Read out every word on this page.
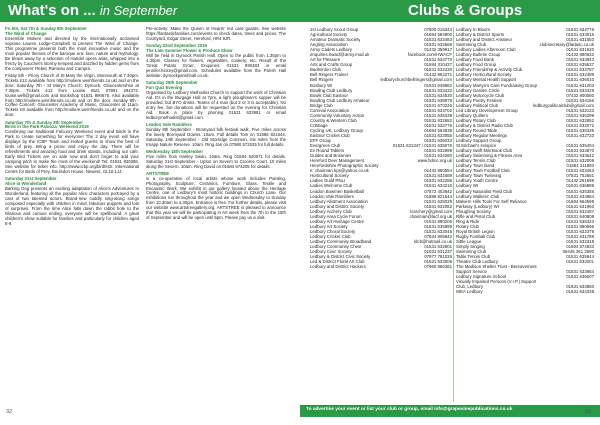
What's on ... in September	Clubs & Groups

Fri 6th, Sat 7th & Sunday 8th September
The Wind of Change
Ensemble Moliere and directed by the internationally acclaimed soprano Lauren Lodge-Campbell to present The Wind of Change. This programme presents both the most innovative music and the most popular themes of the baroque era: love, nature and mythology. Be blown away by a selection of Handel opera arias, whipped into a frenzy by Couchet's stormy tempest and dazzled by hidden gems from the composers' Rebel, Rameau and Campra.

Friday 6th - Priory Church of St Mary the Virgin, Monmouth at 7.30pm. Tickets £12 available from http://moliere.wemfriends.co.uk/ and on the door. Saturday 7th - St Mary's Church, Dymock, Gloucestershire at 7.30pm. Tickets £12 from Louise Butt, 07891 294372, louise.weft@gmail.com and Bookshop 01531 890676. Also available from http://moliere.wemfriends.co.uk/ and on the door. Sunday 8th - Coffee Concert: Gloucester Academy of Music, Gloucester at 11am. Tickets £8 available from http://moliere.wemfriends.co.uk/ and on the door.

Saturday 7th & Sunday 8th September
Birds in the Park Palooza: Weekend 2019
Combining our traditional Falconry Weekend event and Birds in the Park to create something for everyone! The 2 day event will have displays by the ICBP Team and invited guests to show the best of birds of prey. Bring a picnic and enjoy the day. There will be refreshments and amazing food and drink stands, including our cafe. Early Bird Tickets are on sale now and don't forget to add your camping pitch to make the most of the weekend! Tel: 01531 820286. See website for ticket info. http://www.icbp.org/birdfest/. International Centre for Birds of Prey, Boulsdon House, Newent, GL18 1JJ.

Saturday 21st September
Alice in Wonderland
Barking Dog presents an exciting adaptation of Alice's Adventures In Wonderland, featuring all the popular Alice characters portrayed by a cast of two talented actors. Brand-new cuddly sing-along songs composed especially with children in mind, fabulous puppets and lots of surprises. From the time Alice falls down the rabbit hole to the hilarious and curious ending, everyone will be spellbound. A great children's show suitable for families and particularly for children aged 5-9.

Pre-activity: Make the Queen of Hearts' red card guards. See website https://fantasticfamilies.com/events to check dates, times and prices. The Courtyard, Edgar Street, Hereford, HR4 9JR.

Sunday 22nd September 2019
The Late Summer Flower & Produce Show
Will be held in Dymock Parish Hall. Open to the public from 1.30pm to 4.30pm. Classes for flowers, vegetables, cookery, etc. Result of the 'Great Potato Grow'. Enquiries: 01531 890483 or email jennifer.hickey@gmail.com. Schedules available from the Parish Hall website: dymockparishhall.co.uk.

Saturday 28th September
Fun Quiz Evening
Organised by Ledbury Methodist Church to support the work of Christian Aid. It's in the Burgage Hall at 7pm, a light ploughman's supper will be provided, but BYO drinks. Teams of 4 max (but 2 or 3 is acceptable). No entry fee, but donations will be requested on the evening for Christian Aid. Book a place by phoning 01531 633981 or email ledburymethodist@gmail.com.

Leadon Vale Ramblers
Sunday 8th September - Bromyard folk festival walk. Five miles across the lovely Bromyard Downs. 10am. Full details Tom on 01886 821544. Saturday 14th September - Old Storridge Common. Six miles from the Knapp Nature Reserve. 10am. Ring Jan on 07980 572535 for full details.

Wednesday 18th September
Five miles from Hanley Swan. 10am. Ring 01684 540071 for details. Saturday 21st September - Upton on Severn to Croome Court. 10 miles along the Severn. 10am. Ring David on 01684 574205 for details.

ARTSTREE
is a co-operative of local artists whose work includes Painting, Photography, Sculpture, Ceramics, Furniture, Glass, Textile and Encaustic Work. We exhibit in our gallery located above the Heritage Centre, one of Ledbury's most historic buildings in Church Lane. Our exhibitions run throughout the year and we open Wednesday to Sunday from 10.30am to 4.30pm. Entrance is free. For further details, please visit our website www.artstreegallery.org. ARTSTREE is pleased to announce that this year we will be participating in Art week from the 7th to the 15th of September and will be open until 5pm. Please pay us a visit.

1st Ledbury Scout Group	07800 015344
Agricultural Society	01684 584900
Amateur Dramatic Society	01531 633483
Angling Association	01531 632569
Army Cadets Ledbury	01432 359917
enquiries.hwacf@army.mod.uk	facebook.com/HWACF
Art for Pleasure	01531 634770
Arts and Crafts Group	01684 310437
Badminton Club	01531 632430
Bell Ringers Trainer	01432 852271
Bell Ringers	ledburychurchbellringers@gmail.com
Bosbury WI	01531 649882
Bowling Club Ledbury	01531 633432
Bowls Club Eastnor	01531 634530
Bowling Club Ledbury Amateur	01531 638979
Bridge Club	01531 670226
Carnival Association	01531 633702
Community Voluntary Action	01531 635339
Country & Western Club	01531 632652
Cribbage	01531 633776
Cycling UK, Ledbury Group	01684 564838
Eastnor Cricket Club	01531 633055
EFF Group	01531 636033
Evergreen Club	01531 631347 / 01531 635076
Ex Round Tablers	01531 632998
Guides and Brownies	01531 634280
Hereford Deer Management	www.hdmc.org.uk
Herefordshire Photographic Society
e: chairman.hps@yahoo.co.uk	01432 850554
Horticultural Society	01531 632489
Ladies Guild RNLI	01531 632286
Ladies Welcome Club	01531 634216
Leadon Bowmen Basketball	07872 402842
Leadon Vale Ramblers	01886 821544
Ledbury Allotment Association	01531 635039
Ledbury and District Society	01531 632082
Ledbury Archery Club	lcarchery@gmail.com
Ledbury Area Cycle Forum	chairman@lacf.org.uk
Ledbury Art Heritage Centre	01531 890205
Ledbury Art Society	01531 635999
Ledbury Choral Society	01531 633045
Ledbury Cricket Club	07834 805842
Ledbury Community Broadband	ldcb@hotmail.co.uk
Ledbury Community Chest	01531 632801
Ledbury Civic Society	01531 631237
Ledbury & District Civic Society	07977 781026
Led & District Floral Art Club	01531 633006
Ledbury and District Hackers	07960 866381
Ledbury In Bloom	01531 634776
Ledbury & District Sports	01531 633016
Ledbury and District Amateur	01531 631553
Swimming Club	clubsecretary@ladasc.co.uk
Ledbury Ladies Afternoon Club	01531 631620
Ledbury Bulletin Group	01432 890632
Ledbury Food Bank	01531 633943
Ledbury Food Group	01531 635637
Ledbury Friendship & Activity Club	01531 633787
Ledbury Horticultural Society	01531 632489
Ledbury Mental Health Support	01531 636010
Ledbury Martyn's Care Fundraising Group	01531 631203
Ledbury Garden Circle	01531 633429
Ledbury Motorcycle Club	07432 800060
Ledbury Poetry Festival	01531 634156
Ledbury Political Club	ledburypoliticalclub@gmail.com
Led Library Development Group	01531 632133
Ledbury Quilters	01531 635299
Ledbury Rotary Club	01531 632852
Ledbury & District Radio Club	01531 632072
Ledbury Round Table	01531 636335
Ledbury Regular Meetings	01531 632733
Ledbury Support Group
St Michael's Hospice	01531 635404
Ledbury Swift Mat Book Club	01531 633870
Ledbury Swimming & Fitness Area	01531 633642
Ledbury Tennis Club	01531 632008
Ledbury Town Band	01684 311993
Ledbury Town Football Club	01531 633463
Ledbury Town Twinning	07531 752651
Ledbury Youth Centre	01432 261599
Ledbury WI	01531 636888
Ledbury Naturalist Field Club	01531 635355
Ledbury Walkers' Club	01531 634884
Malvern Hills Tools For Self Reliance	01684 564599
Parkway (Ledbury) WI	01531 631993
Ploughing Society	01531 632487
Rifle and Pistol Club	01531 640808
Ring & Ride	01531 635323
Rotary Club	01531 890696
Royal British Legion	01531 632379
Rugby Football Club	01531 631788
Sittle League	01531 632318
Simply Singing	01684 574833
Swimming Club	08445 361 2590
Table Tennis Club	01531 635944
Theatre Club Ledbury	01531 632001
The Madison Shelter Trust - Bereavement
Support Service	01531 633654
Ledbury Signature School	01531 636507
Visually Impaired Persons (V.I.P.) Support
Club, Ledbury	01531 633850
WEA Ledbury	01531 634338
To advertise your event or list your club or group, email info@grapevinepublications.co.uk
32	33
